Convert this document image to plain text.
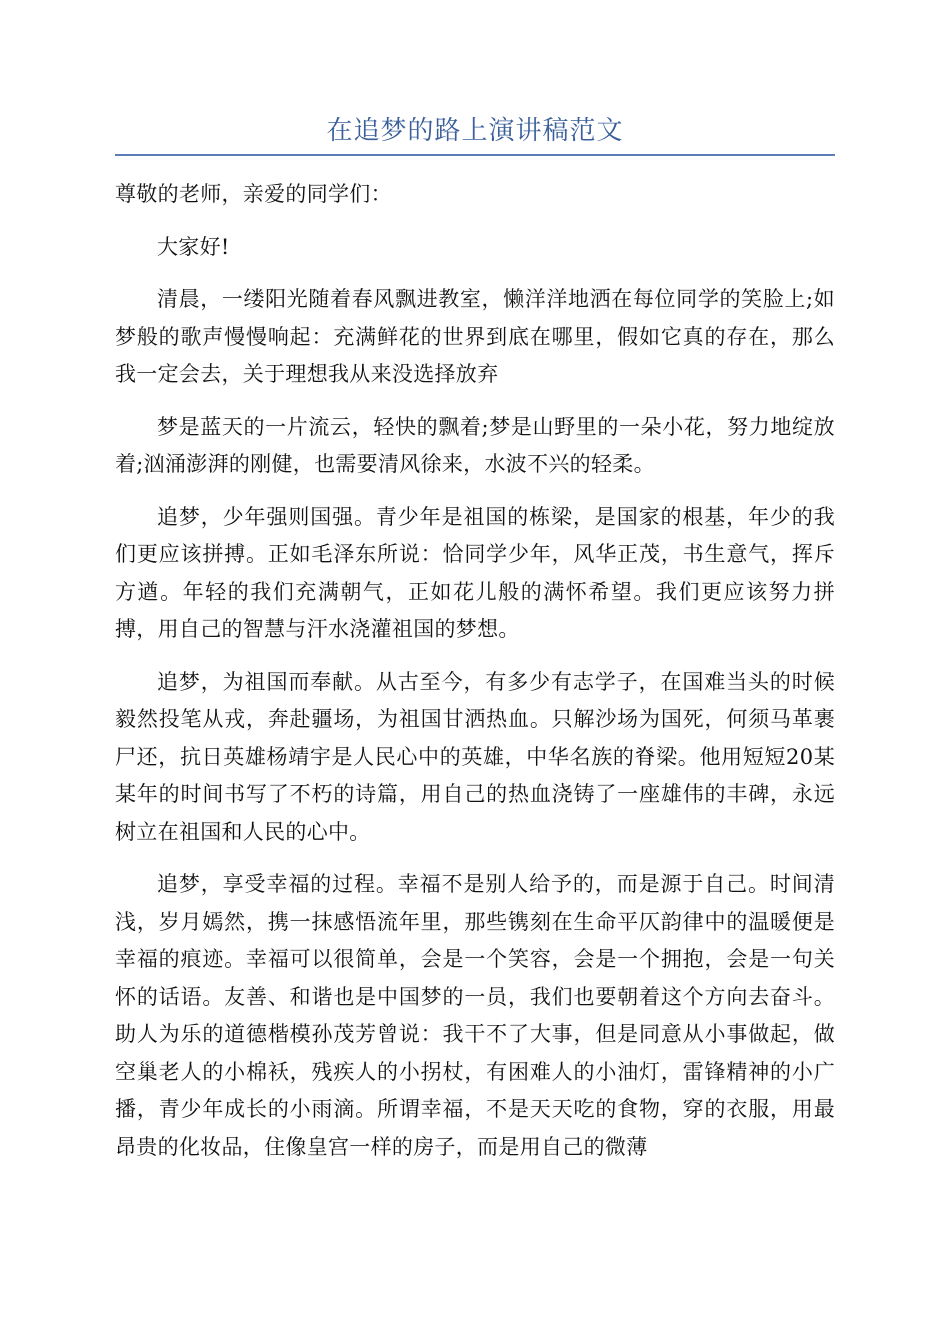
在追梦的路上演讲稿范文

尊敬的老师，亲爱的同学们：

大家好!

清晨，一缕阳光随着春风飘进教室，懒洋洋地洒在每位同学的笑脸上;如梦般的歌声慢慢响起：充满鲜花的世界到底在哪里，假如它真的存在，那么我一定会去，关于理想我从来没选择放弃

梦是蓝天的一片流云，轻快的飘着;梦是山野里的一朵小花，努力地绽放着;汹涌澎湃的刚健，也需要清风徐来，水波不兴的轻柔。

追梦，少年强则国强。青少年是祖国的栋梁，是国家的根基，年少的我们更应该拼搏。正如毛泽东所说：恰同学少年，风华正茂，书生意气，挥斥方遒。年轻的我们充满朝气，正如花儿般的满怀希望。我们更应该努力拼搏，用自己的智慧与汗水浇灌祖国的梦想。

追梦，为祖国而奉献。从古至今，有多少有志学子，在国难当头的时候毅然投笔从戎，奔赴疆场，为祖国甘洒热血。只解沙场为国死，何须马革裹尸还，抗日英雄杨靖宇是人民心中的英雄，中华名族的脊梁。他用短短20某某年的时间书写了不朽的诗篇，用自己的热血浇铸了一座雄伟的丰碑，永远树立在祖国和人民的心中。

追梦，享受幸福的过程。幸福不是别人给予的，而是源于自己。时间清浅，岁月嫣然，携一抹感悟流年里，那些镌刻在生命平仄韵律中的温暖便是幸福的痕迹。幸福可以很简单，会是一个笑容，会是一个拥抱，会是一句关怀的话语。友善、和谐也是中国梦的一员，我们也要朝着这个方向去奋斗。助人为乐的道德楷模孙茂芳曾说：我干不了大事，但是同意从小事做起，做空巢老人的小棉袄，残疾人的小拐杖，有困难人的小油灯，雷锋精神的小广播，青少年成长的小雨滴。所谓幸福，不是天天吃的食物，穿的衣服，用最昂贵的化妆品，住像皇宫一样的房子，而是用自己的微薄
